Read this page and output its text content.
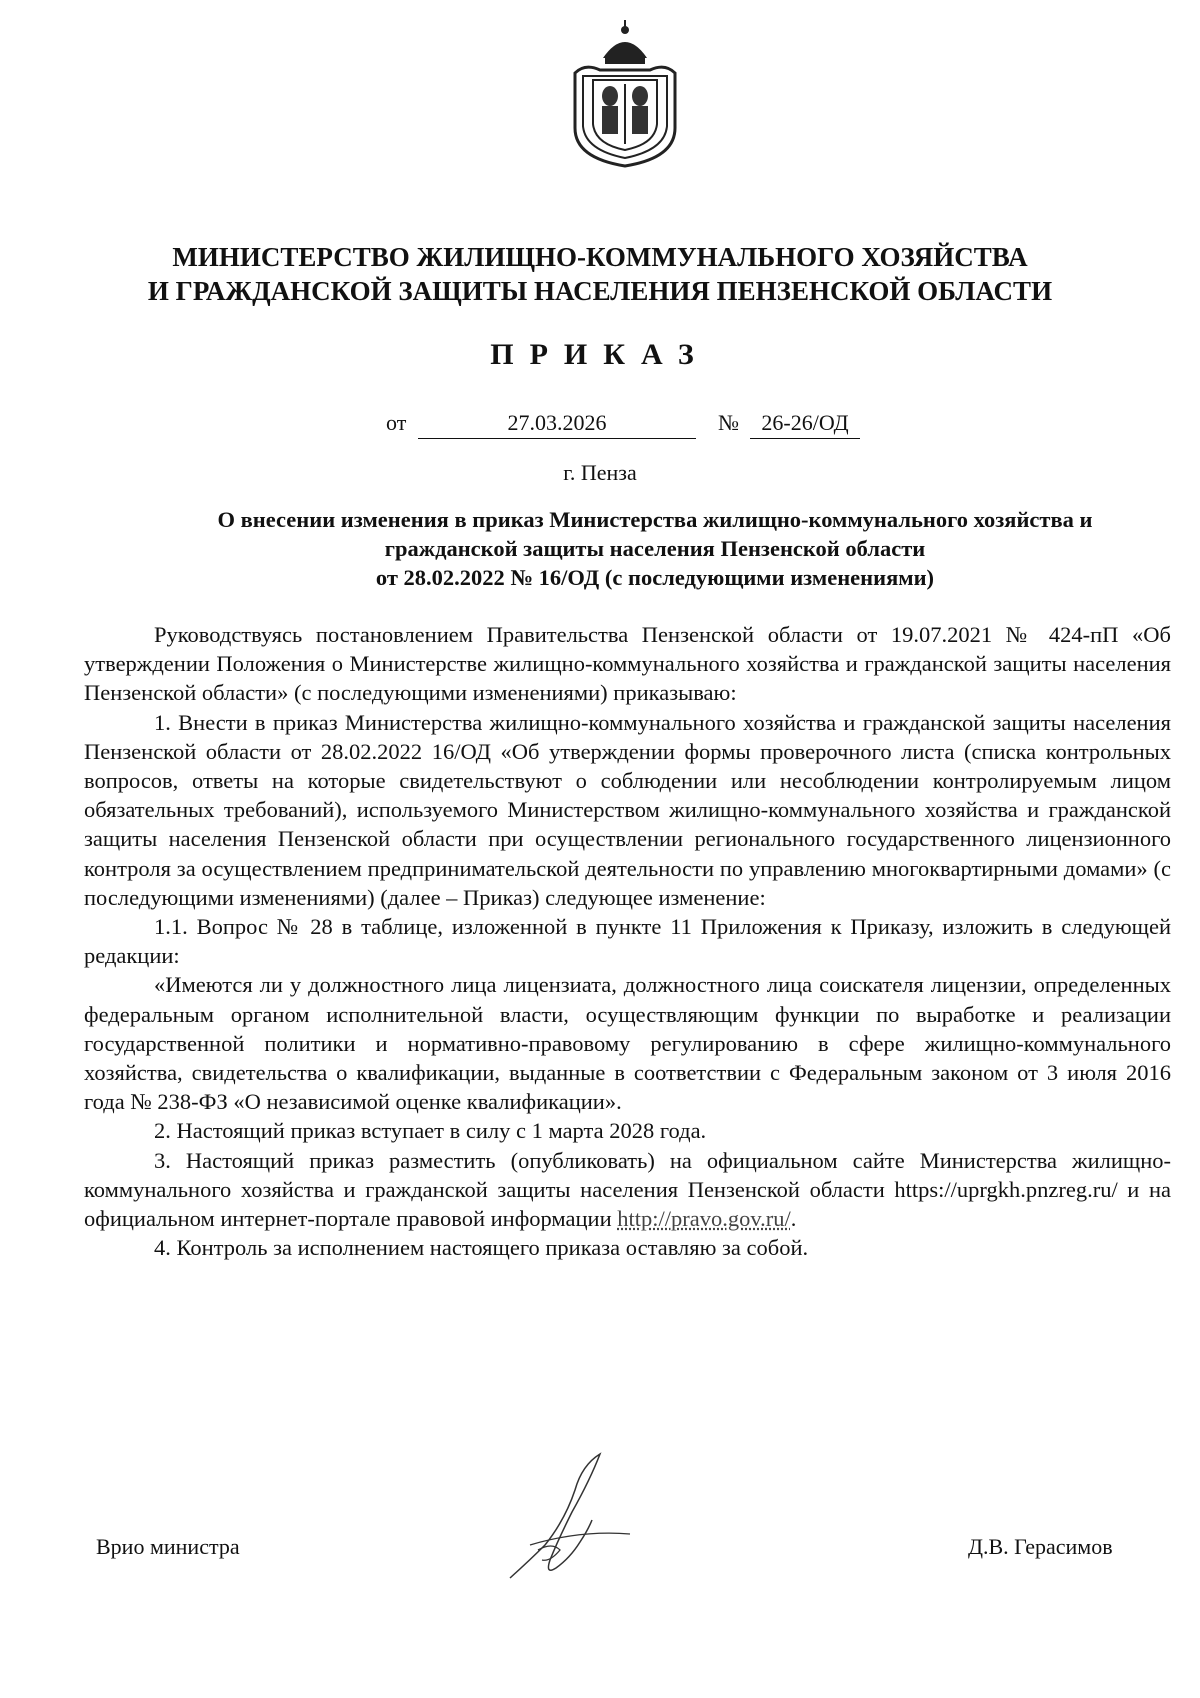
МИНИСТЕРСТВО ЖИЛИЩНО-КОММУНАЛЬНОГО ХОЗЯЙСТВА
И ГРАЖДАНСКОЙ ЗАЩИТЫ НАСЕЛЕНИЯ ПЕНЗЕНСКОЙ ОБЛАСТИ
ПРИКАЗ
от	27.03.2026	№	26-26/ОД
г. Пенза
О внесении изменения в приказ Министерства жилищно-коммунального хозяйства и
гражданской защиты населения Пензенской области
от 28.02.2022 № 16/ОД (с последующими изменениями)

Руководствуясь постановлением Правительства Пензенской области от 19.07.2021 № 424-пП «Об утверждении Положения о Министерстве жилищно-коммунального хозяйства и гражданской защиты населения Пензенской области» (с последующими изменениями) приказываю:

1. Внести в приказ Министерства жилищно-коммунального хозяйства и гражданской защиты населения Пензенской области от 28.02.2022 16/ОД «Об утверждении формы проверочного листа (списка контрольных вопросов, ответы на которые свидетельствуют о соблюдении или несоблюдении контролируемым лицом обязательных требований), используемого Министерством жилищно-коммунального хозяйства и гражданской защиты населения Пензенской области при осуществлении регионального государственного лицензионного контроля за осуществлением предпринимательской деятельности по управлению многоквартирными домами» (с последующими изменениями) (далее – Приказ) следующее изменение:

1.1. Вопрос № 28 в таблице, изложенной в пункте 11 Приложения к Приказу, изложить в следующей редакции:

«Имеются ли у должностного лица лицензиата, должностного лица соискателя лицензии, определенных федеральным органом исполнительной власти, осуществляющим функции по выработке и реализации государственной политики и нормативно-правовому регулированию в сфере жилищно-коммунального хозяйства, свидетельства о квалификации, выданные в соответствии с Федеральным законом от 3 июля 2016 года № 238-ФЗ «О независимой оценке квалификации».

2. Настоящий приказ вступает в силу с 1 марта 2028 года.

3. Настоящий приказ разместить (опубликовать) на официальном сайте Министерства жилищно-коммунального хозяйства и гражданской защиты населения Пензенской области https://uprgkh.pnzreg.ru/ и на официальном интернет-портале правовой информации http://pravo.gov.ru/.

4. Контроль за исполнением настоящего приказа оставляю за собой.

Врио министра	Д.В. Герасимов
